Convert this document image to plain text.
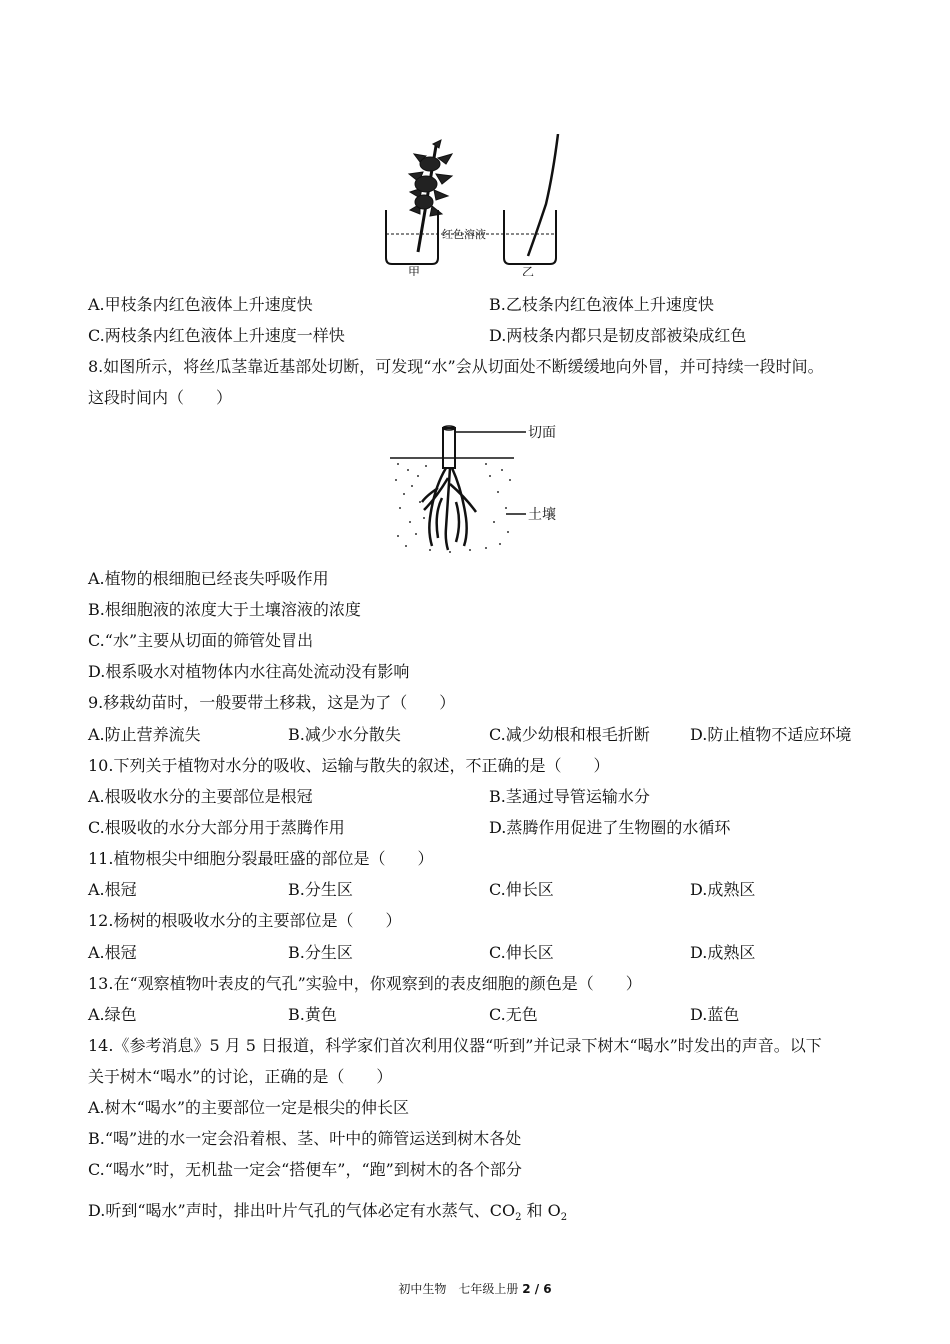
红色溶液
甲	乙
A.甲枝条内红色液体上升速度快	B.乙枝条内红色液体上升速度快
C.两枝条内红色液体上升速度一样快	D.两枝条内都只是韧皮部被染成红色
8.如图所示，将丝瓜茎靠近基部处切断，可发现“水”会从切面处不断缓缓地向外冒，并可持续一段时间。
这段时间内（　　）
切面
土壤
A.植物的根细胞已经丧失呼吸作用
B.根细胞液的浓度大于土壤溶液的浓度
C.“水”主要从切面的筛管处冒出
D.根系吸水对植物体内水往高处流动没有影响
9.移栽幼苗时，一般要带土移栽，这是为了（　　）
A.防止营养流失	B.减少水分散失	C.减少幼根和根毛折断	D.防止植物不适应环境
10.下列关于植物对水分的吸收、运输与散失的叙述，不正确的是（　　）
A.根吸收水分的主要部位是根冠	B.茎通过导管运输水分
C.根吸收的水分大部分用于蒸腾作用	D.蒸腾作用促进了生物圈的水循环
11.植物根尖中细胞分裂最旺盛的部位是（　　）
A.根冠	B.分生区	C.伸长区	D.成熟区
12.杨树的根吸收水分的主要部位是（　　）
A.根冠	B.分生区	C.伸长区	D.成熟区
13.在“观察植物叶表皮的气孔”实验中，你观察到的表皮细胞的颜色是（　　）
A.绿色	B.黄色	C.无色	D.蓝色
14.《参考消息》5 月 5 日报道，科学家们首次利用仪器“听到”并记录下树木“喝水”时发出的声音。以下
关于树木“喝水”的讨论，正确的是（　　）
A.树木“喝水”的主要部位一定是根尖的伸长区
B.“喝”进的水一定会沿着根、茎、叶中的筛管运送到树木各处
C.“喝水”时，无机盐一定会“搭便车”，“跑”到树木的各个部分
D.听到“喝水”声时，排出叶片气孔的气体必定有水蒸气、$CO_2$ 和 $O_2$
初中生物　七年级上册 2 / 6
